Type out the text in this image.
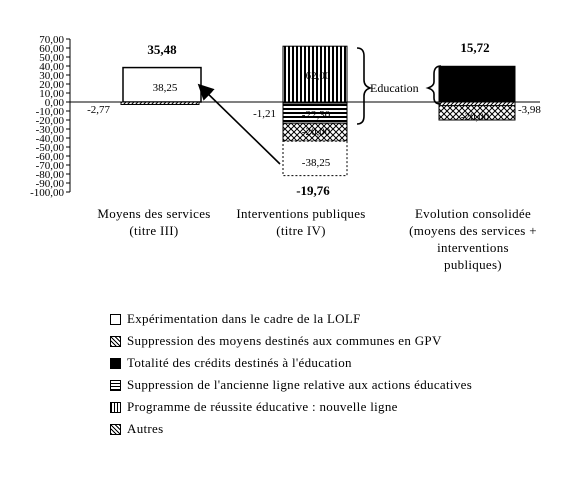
70,00
60,00
50,00
40,00
30,00
20,00
10,00
0,00
-10,00
-20,00
-30,00
-40,00
-50,00
-60,00
-70,00
-80,00
-90,00
-100,00
38,25
-2,77
62,00
-1,21 -22,30
-20,00
-38,25
-20,00
-3,98
35,48
-19,76
15,72
Education
Moyens des services
(titre III)
Interventions publiques
(titre IV)
Evolution consolidée
(moyens des services +
interventions
publiques)
Expérimentation dans le cadre de la LOLF
Suppression des moyens destinés aux communes en GPV
Totalité des crédits destinés à l'éducation
Suppression de l'ancienne ligne relative aux actions éducatives
Programme de réussite éducative : nouvelle ligne
Autres
